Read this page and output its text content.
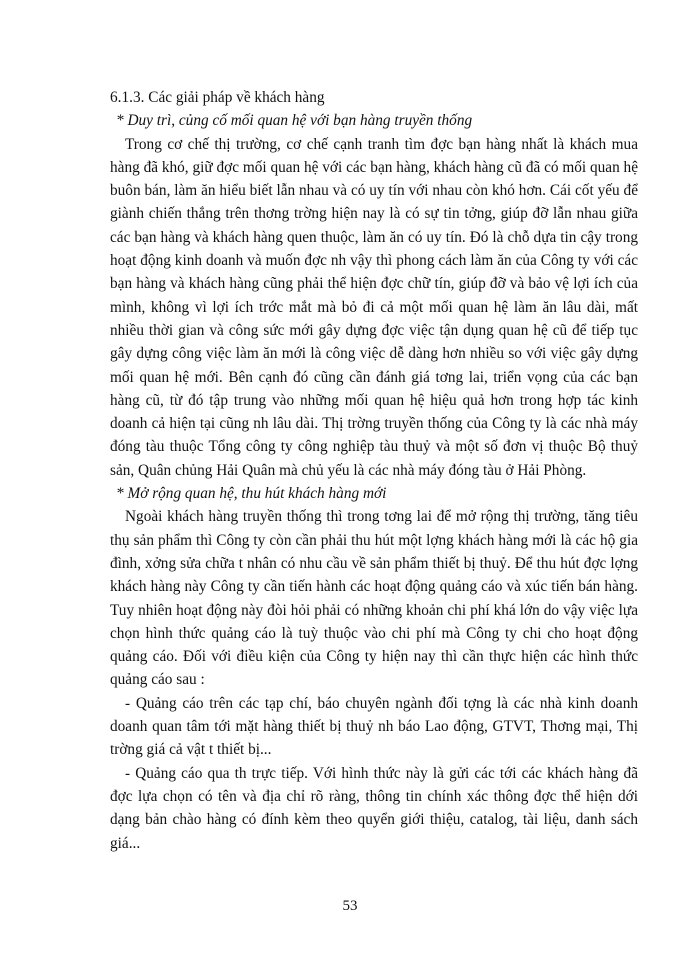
6.1.3. Các giải pháp về khách hàng

* Duy trì, củng cố mối quan hệ với bạn hàng truyền thống

Trong cơ chế thị trường, cơ chế cạnh tranh tìm đợc bạn hàng nhất là khách mua hàng đã khó, giữ đợc mối quan hệ với các bạn hàng, khách hàng cũ đã có mối quan hệ buôn bán, làm ăn hiểu biết lẫn nhau và có uy tín với nhau còn khó hơn. Cái cốt yếu để giành chiến thắng trên thơng trờng hiện nay là có sự tin tởng, giúp đỡ lẫn nhau giữa các bạn hàng và khách hàng quen thuộc, làm ăn có uy tín. Đó là chỗ dựa tin cậy trong hoạt động kinh doanh và muốn đợc nh vậy thì phong cách làm ăn của Công ty với các bạn hàng và khách hàng cũng phải thể hiện đợc chữ tín, giúp đỡ và bảo vệ lợi ích của mình, không vì lợi ích trớc mắt mà bỏ đi cả một mối quan hệ làm ăn lâu dài, mất nhiều thời gian và công sức mới gây dựng đợc việc tận dụng quan hệ cũ để tiếp tục gây dựng công việc làm ăn mới là công việc dễ dàng hơn nhiều so với việc gây dựng mối quan hệ mới. Bên cạnh đó cũng cần đánh giá tơng lai, triển vọng của các bạn hàng cũ, từ đó tập trung vào những mối quan hệ hiệu quả hơn trong hợp tác kinh doanh cả hiện tại cũng nh lâu dài. Thị trờng truyền thống của Công ty là các nhà máy đóng tàu thuộc Tổng công ty công nghiệp tàu thuỷ và một số đơn vị thuộc Bộ thuỷ sản, Quân chủng Hải Quân mà chủ yếu là các nhà máy đóng tàu ở Hải Phòng.

* Mở rộng quan hệ, thu hút khách hàng mới

Ngoài khách hàng truyền thống thì trong tơng lai để mở rộng thị trường, tăng tiêu thụ sản phẩm thì Công ty còn cần phải thu hút một lợng khách hàng mới là các hộ gia đình, xởng sửa chữa t nhân có nhu cầu về sản phẩm thiết bị thuỷ. Để thu hút đợc lợng khách hàng này Công ty cần tiến hành các hoạt động quảng cáo và xúc tiến bán hàng. Tuy nhiên hoạt động này đòi hỏi phải có những khoản chi phí khá lớn do vậy việc lựa chọn hình thức quảng cáo là tuỳ thuộc vào chi phí mà Công ty chi cho hoạt động quảng cáo. Đối với điều kiện của Công ty hiện nay thì cần thực hiện các hình thức quảng cáo sau :

- Quảng cáo trên các tạp chí, báo chuyên ngành đối tợng là các nhà kinh doanh doanh quan tâm tới mặt hàng thiết bị thuỷ nh báo Lao động, GTVT, Thơng mại, Thị trờng giá cả vật t thiết bị...

- Quảng cáo qua th trực tiếp. Với hình thức này là gửi các tới các khách hàng đã đợc lựa chọn có tên và địa chỉ rõ ràng, thông tin chính xác thông đợc thể hiện dới dạng bản chào hàng có đính kèm theo quyển giới thiệu, catalog, tài liệu, danh sách giá...

53
